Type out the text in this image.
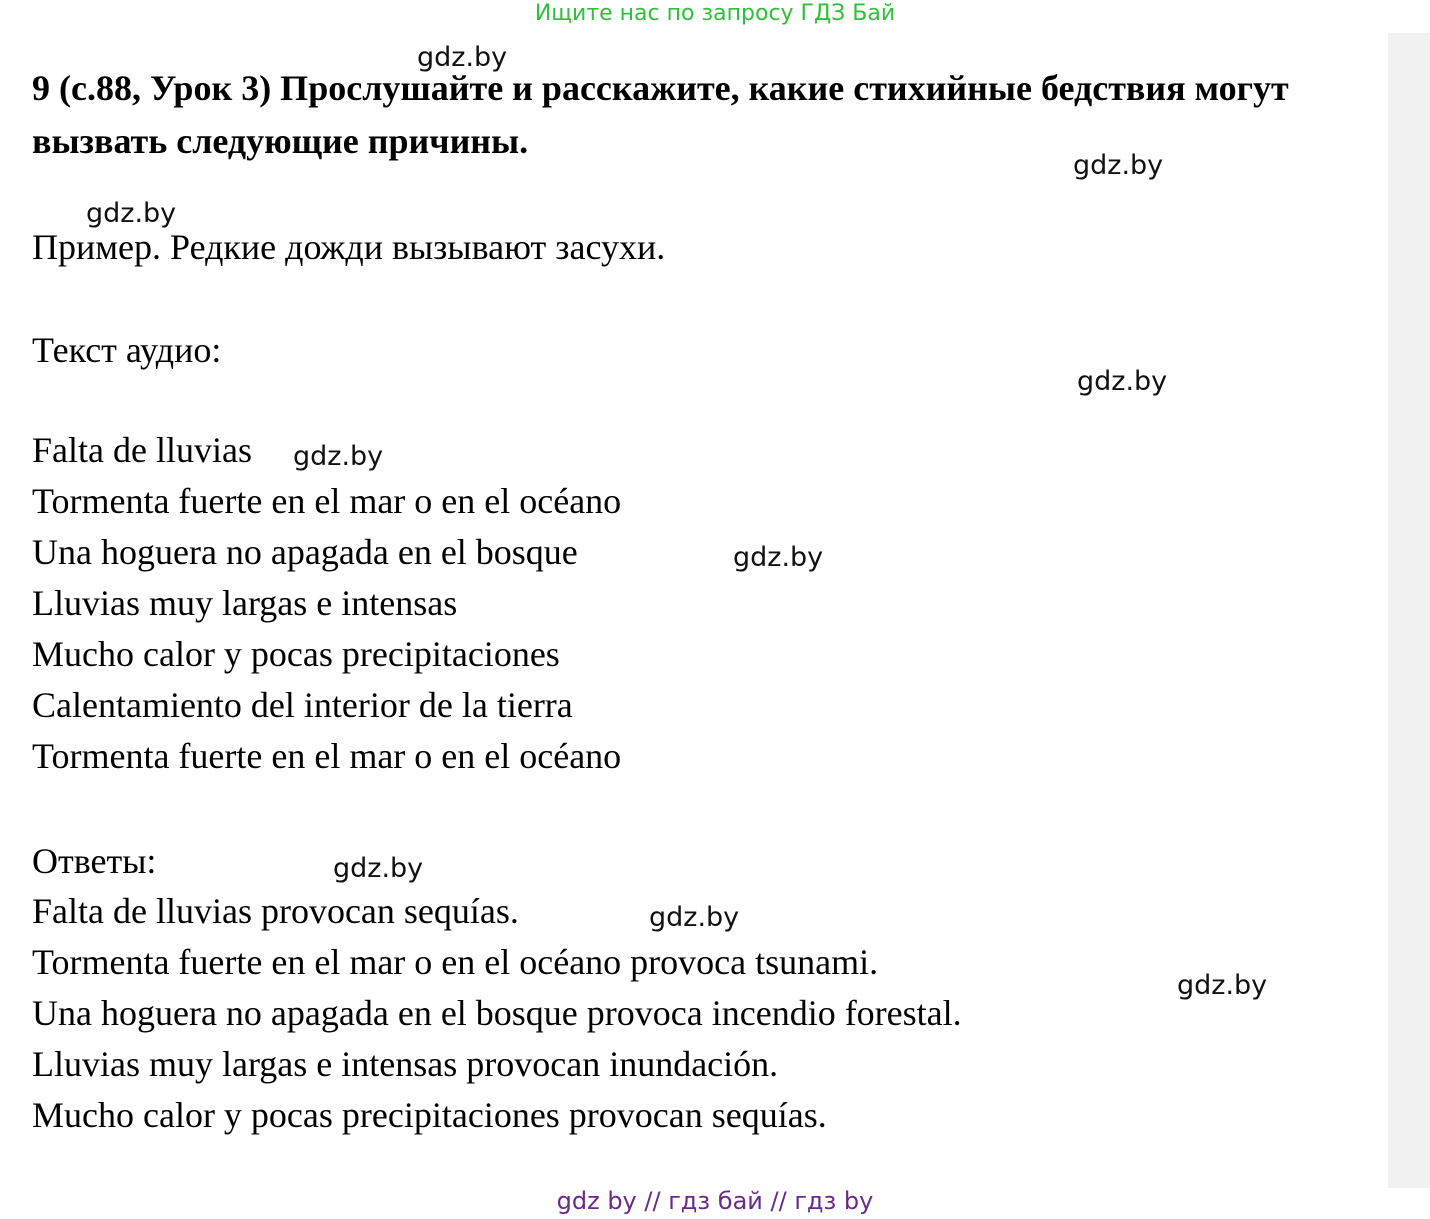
Ищите нас по запросу ГДЗ Бай
9 (с.88, Урок 3) Прослушайте и расскажите, какие стихийные бедствия могут вызвать следующие причины.
Пример. Редкие дожди вызывают засухи.
Текст аудио:
Falta de lluvias
Tormenta fuerte en el mar o en el océano
Una hoguera no apagada en el bosque
Lluvias muy largas e intensas
Mucho calor y pocas precipitaciones
Calentamiento del interior de la tierra
Tormenta fuerte en el mar o en el océano
Ответы:
Falta de lluvias provocan sequías.
Tormenta fuerte en el mar o en el océano provoca tsunami.
Una hoguera no apagada en el bosque provoca incendio forestal.
Lluvias muy largas e intensas provocan inundación.
Mucho calor y pocas precipitaciones provocan sequías.
gdz.by
gdz.by
gdz.by
gdz.by
gdz.by
gdz.by
gdz.by
gdz.by
gdz.by
gdz by // гдз бай // гдз by
